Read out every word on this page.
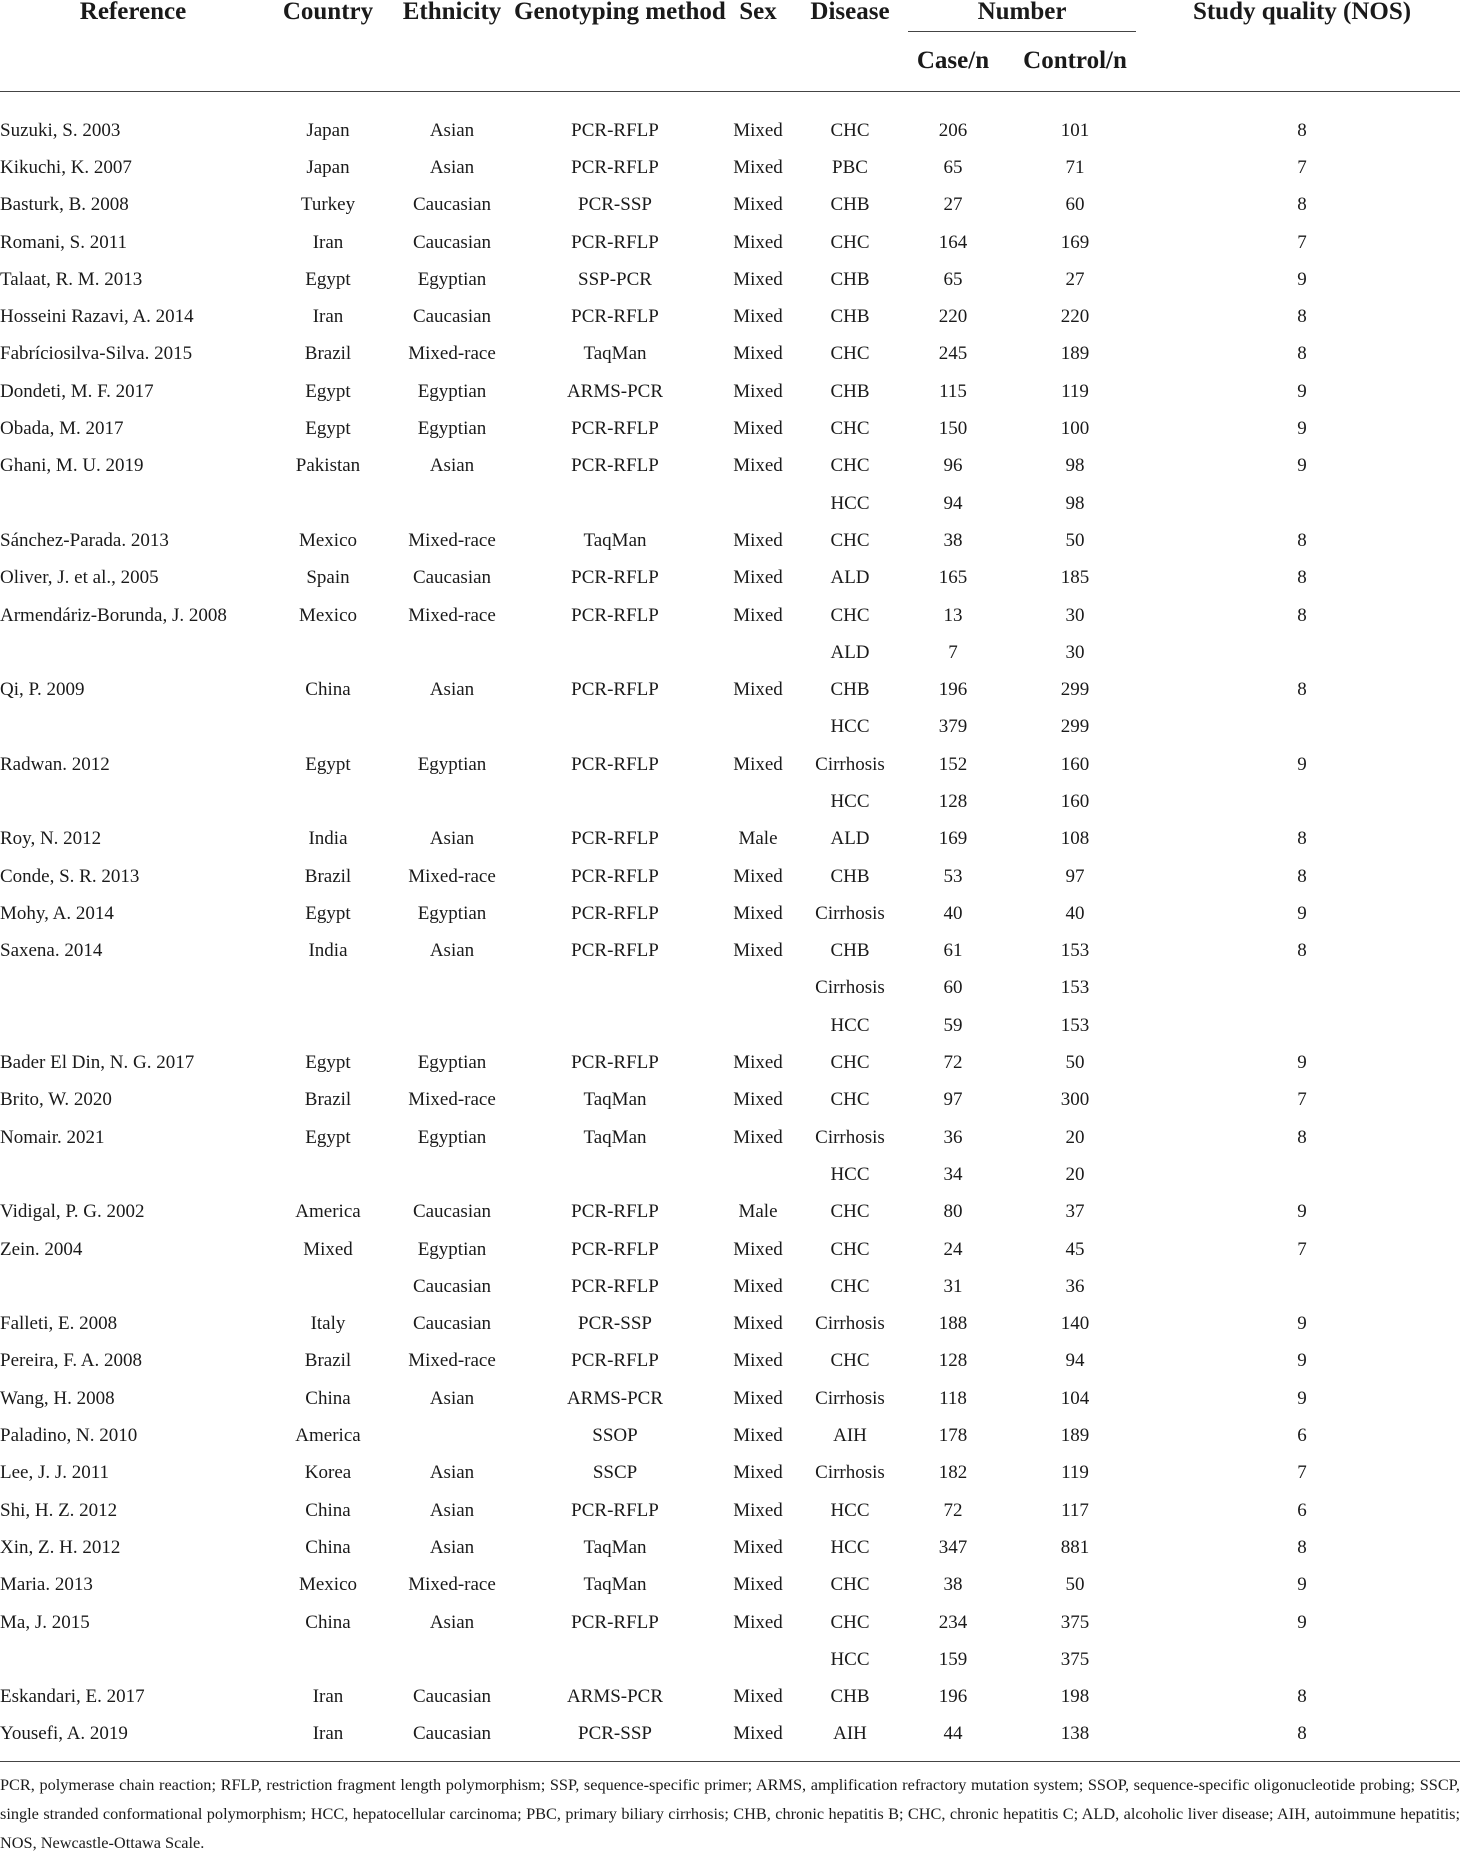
Reference	Country	Ethnicity	Genotyping method	Sex	Disease	Number		Study quality (NOS)
						Case/n	Control/n	

Suzuki, S. 2003	Japan	Asian	PCR-RFLP	Mixed	CHC	206	101	8
Kikuchi, K. 2007	Japan	Asian	PCR-RFLP	Mixed	PBC	65	71	7
Basturk, B. 2008	Turkey	Caucasian	PCR-SSP	Mixed	CHB	27	60	8
Romani, S. 2011	Iran	Caucasian	PCR-RFLP	Mixed	CHC	164	169	7
Talaat, R. M. 2013	Egypt	Egyptian	SSP-PCR	Mixed	CHB	65	27	9
Hosseini Razavi, A. 2014	Iran	Caucasian	PCR-RFLP	Mixed	CHB	220	220	8
Fabríciosilva-Silva. 2015	Brazil	Mixed-race	TaqMan	Mixed	CHC	245	189	8
Dondeti, M. F. 2017	Egypt	Egyptian	ARMS-PCR	Mixed	CHB	115	119	9
Obada, M. 2017	Egypt	Egyptian	PCR-RFLP	Mixed	CHC	150	100	9
Ghani, M. U. 2019	Pakistan	Asian	PCR-RFLP	Mixed	CHC	96	98	9
					HCC	94	98	
Sánchez-Parada. 2013	Mexico	Mixed-race	TaqMan	Mixed	CHC	38	50	8
Oliver, J. et al., 2005	Spain	Caucasian	PCR-RFLP	Mixed	ALD	165	185	8
Armendáriz-Borunda, J. 2008	Mexico	Mixed-race	PCR-RFLP	Mixed	CHC	13	30	8
					ALD	7	30	
Qi, P. 2009	China	Asian	PCR-RFLP	Mixed	CHB	196	299	8
					HCC	379	299	
Radwan. 2012	Egypt	Egyptian	PCR-RFLP	Mixed	Cirrhosis	152	160	9
					HCC	128	160	
Roy, N. 2012	India	Asian	PCR-RFLP	Male	ALD	169	108	8
Conde, S. R. 2013	Brazil	Mixed-race	PCR-RFLP	Mixed	CHB	53	97	8
Mohy, A. 2014	Egypt	Egyptian	PCR-RFLP	Mixed	Cirrhosis	40	40	9
Saxena. 2014	India	Asian	PCR-RFLP	Mixed	CHB	61	153	8
					Cirrhosis	60	153	
					HCC	59	153	
Bader El Din, N. G. 2017	Egypt	Egyptian	PCR-RFLP	Mixed	CHC	72	50	9
Brito, W. 2020	Brazil	Mixed-race	TaqMan	Mixed	CHC	97	300	7
Nomair. 2021	Egypt	Egyptian	TaqMan	Mixed	Cirrhosis	36	20	8
					HCC	34	20	
Vidigal, P. G. 2002	America	Caucasian	PCR-RFLP	Male	CHC	80	37	9
Zein. 2004	Mixed	Egyptian	PCR-RFLP	Mixed	CHC	24	45	7
		Caucasian	PCR-RFLP	Mixed	CHC	31	36	
Falleti, E. 2008	Italy	Caucasian	PCR-SSP	Mixed	Cirrhosis	188	140	9
Pereira, F. A. 2008	Brazil	Mixed-race	PCR-RFLP	Mixed	CHC	128	94	9
Wang, H. 2008	China	Asian	ARMS-PCR	Mixed	Cirrhosis	118	104	9
Paladino, N. 2010	America		SSOP	Mixed	AIH	178	189	6
Lee, J. J. 2011	Korea	Asian	SSCP	Mixed	Cirrhosis	182	119	7
Shi, H. Z. 2012	China	Asian	PCR-RFLP	Mixed	HCC	72	117	6
Xin, Z. H. 2012	China	Asian	TaqMan	Mixed	HCC	347	881	8
Maria. 2013	Mexico	Mixed-race	TaqMan	Mixed	CHC	38	50	9
Ma, J. 2015	China	Asian	PCR-RFLP	Mixed	CHC	234	375	9
					HCC	159	375	
Eskandari, E. 2017	Iran	Caucasian	ARMS-PCR	Mixed	CHB	196	198	8
Yousefi, A. 2019	Iran	Caucasian	PCR-SSP	Mixed	AIH	44	138	8

PCR, polymerase chain reaction; RFLP, restriction fragment length polymorphism; SSP, sequence-specific primer; ARMS, amplification refractory mutation system; SSOP, sequence-specific oligonucleotide probing; SSCP, single stranded conformational polymorphism; HCC, hepatocellular carcinoma; PBC, primary biliary cirrhosis; CHB, chronic hepatitis B; CHC, chronic hepatitis C; ALD, alcoholic liver disease; AIH, autoimmune hepatitis; NOS, Newcastle-Ottawa Scale.
